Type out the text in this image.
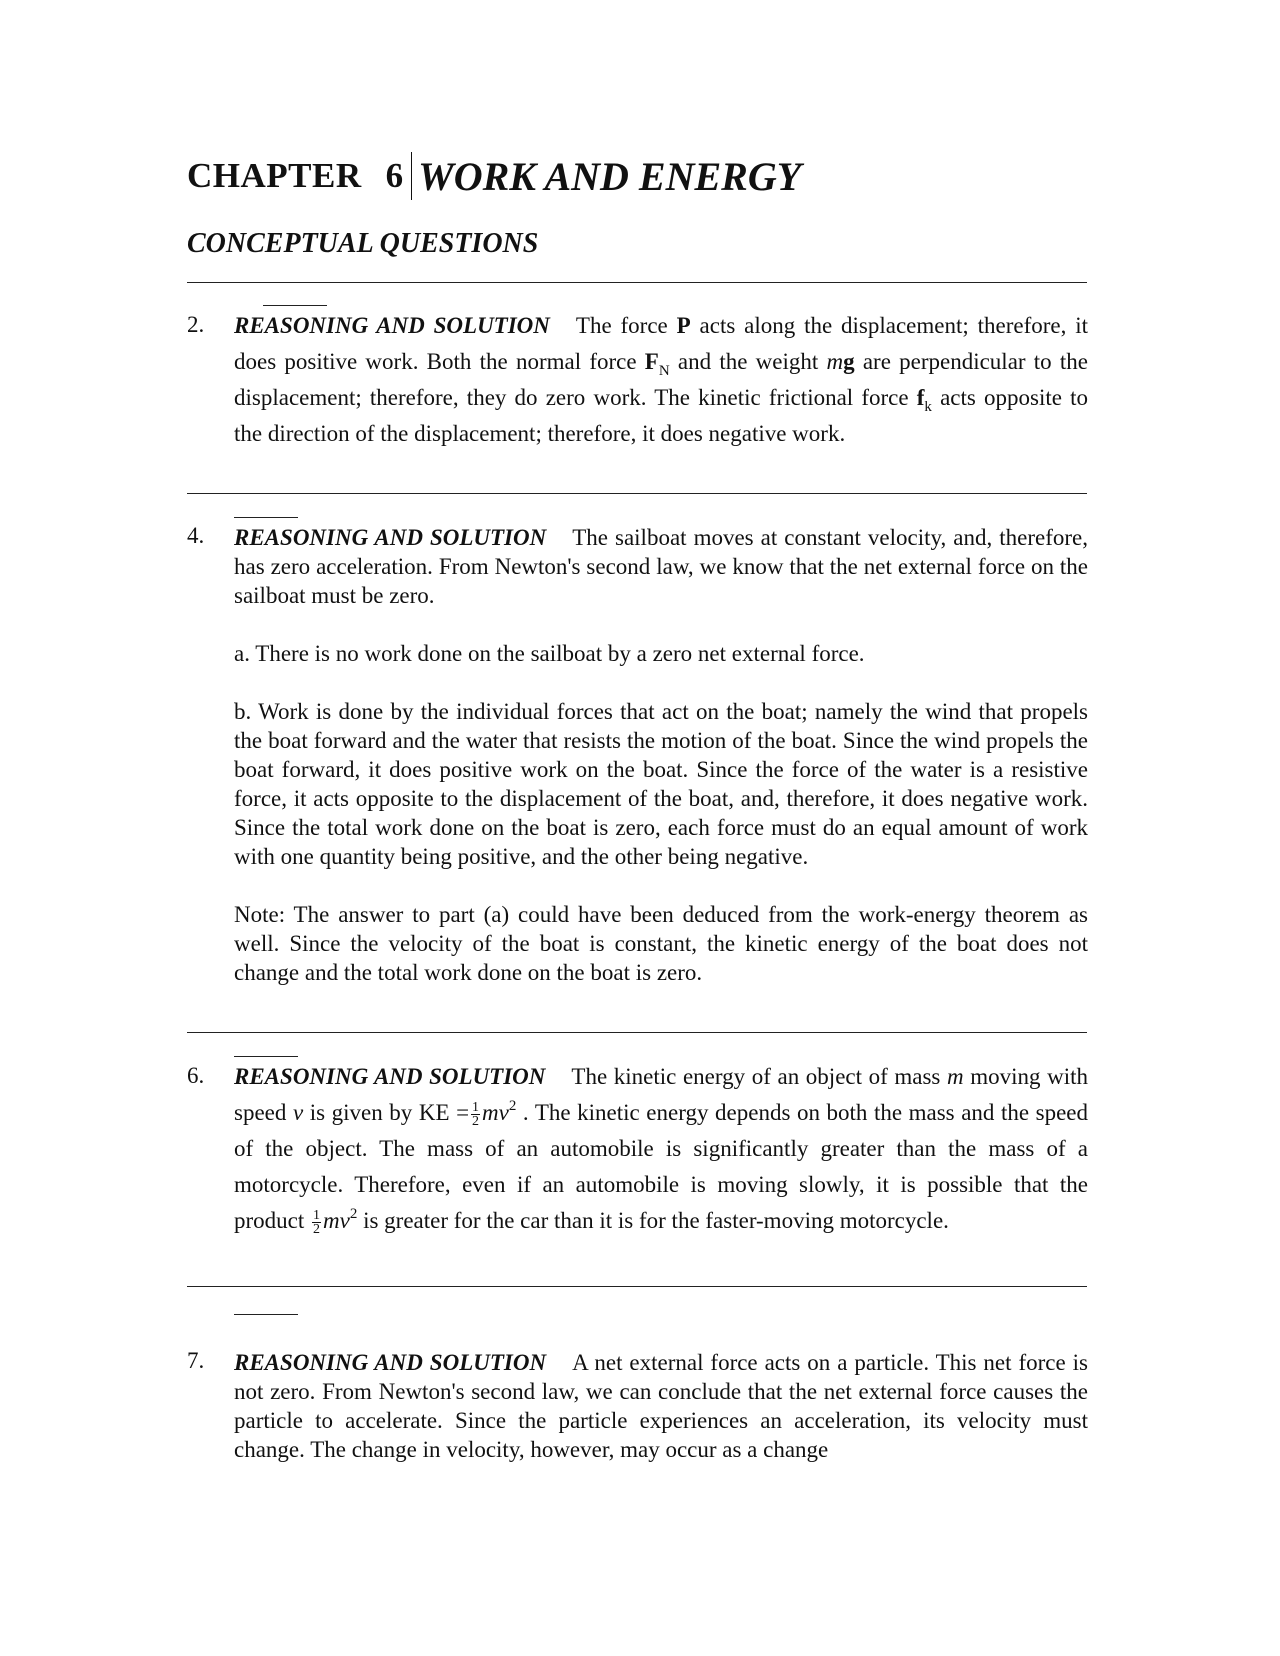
CHAPTER 6 WORK AND ENERGY
CONCEPTUAL QUESTIONS
2. REASONING AND SOLUTION The force P acts along the displacement; therefore, it does positive work. Both the normal force $F_N$ and the weight mg are perpendicular to the displacement; therefore, they do zero work. The kinetic frictional force $f_k$ acts opposite to the direction of the displacement; therefore, it does negative work.
4. REASONING AND SOLUTION The sailboat moves at constant velocity, and, therefore, has zero acceleration. From Newton's second law, we know that the net external force on the sailboat must be zero.

a. There is no work done on the sailboat by a zero net external force.

b. Work is done by the individual forces that act on the boat; namely the wind that propels the boat forward and the water that resists the motion of the boat. Since the wind propels the boat forward, it does positive work on the boat. Since the force of the water is a resistive force, it acts opposite to the displacement of the boat, and, therefore, it does negative work. Since the total work done on the boat is zero, each force must do an equal amount of work with one quantity being positive, and the other being negative.

Note: The answer to part (a) could have been deduced from the work-energy theorem as well. Since the velocity of the boat is constant, the kinetic energy of the boat does not change and the total work done on the boat is zero.

6. REASONING AND SOLUTION The kinetic energy of an object of mass m moving with speed v is given by KE = $\frac{1}{2} mv^2$ . The kinetic energy depends on both the mass and the speed of the object. The mass of an automobile is significantly greater than the mass of a motorcycle. Therefore, even if an automobile is moving slowly, it is possible that the product $\frac{1}{2} mv^2$ is greater for the car than it is for the faster-moving motorcycle.
7. REASONING AND SOLUTION A net external force acts on a particle. This net force is not zero. From Newton's second law, we can conclude that the net external force causes the particle to accelerate. Since the particle experiences an acceleration, its velocity must change. The change in velocity, however, may occur as a change
